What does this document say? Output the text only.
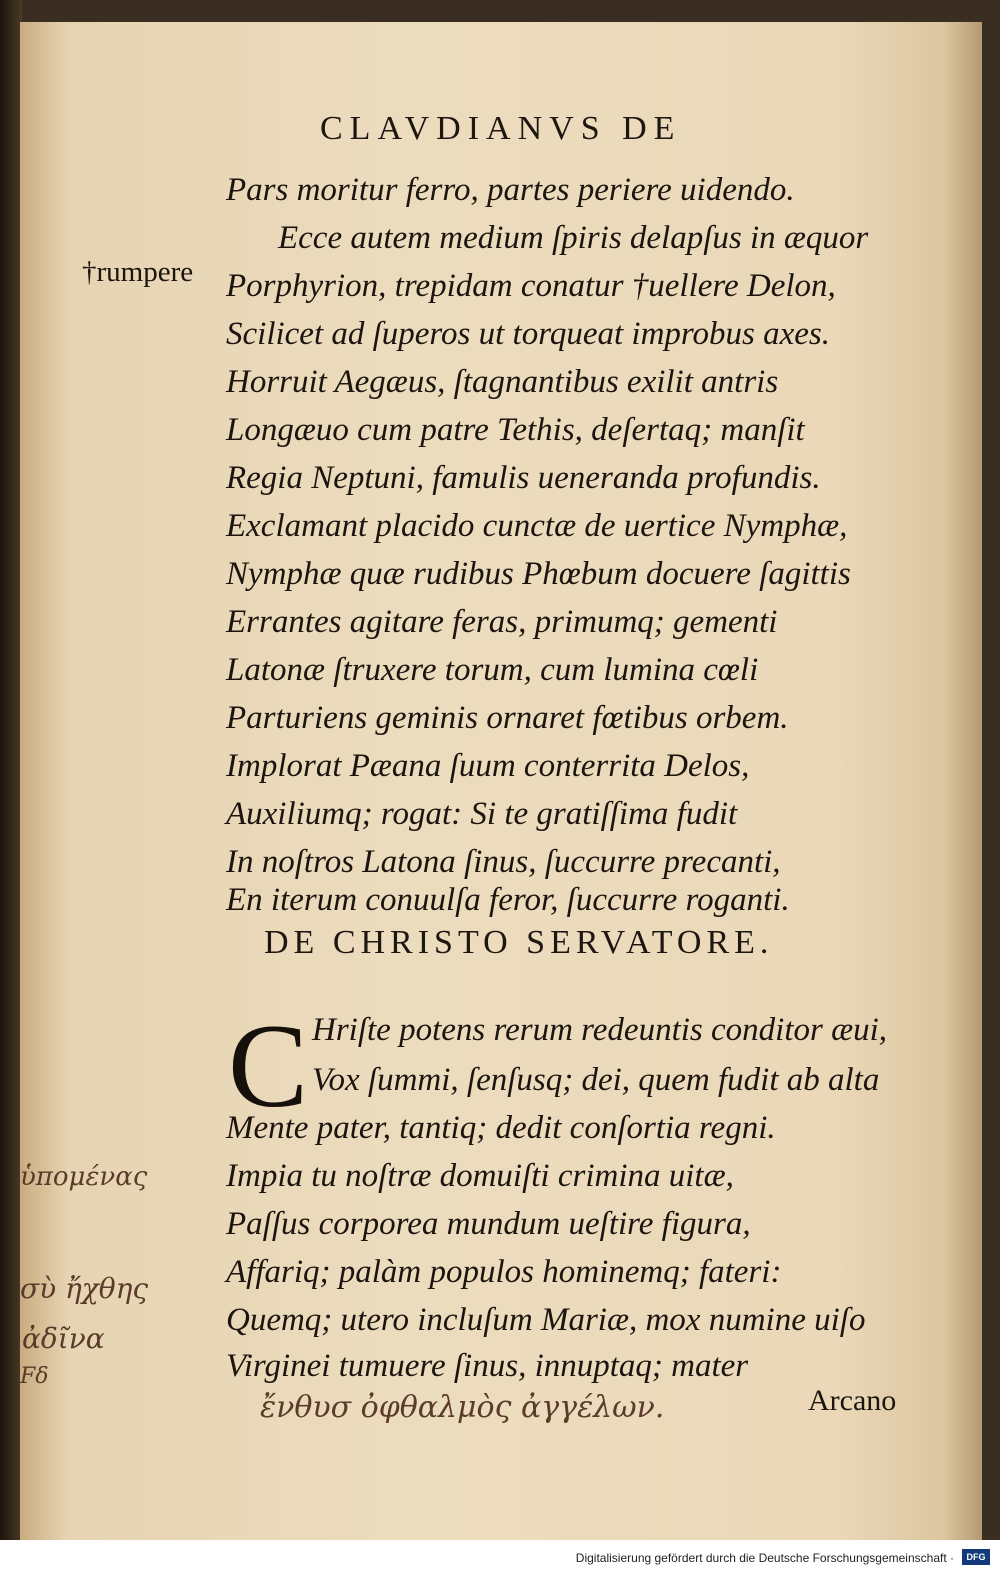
CLAVDIANVS DE
Pars moritur ferro, partes periere uidendo.
Ecce autem medium ſpiris delapſus in æquor
†rumpere Porphyrion, trepidam conatur †uellere Delon,
Scilicet ad ſuperos ut torqueat improbus axes.
Horruit Aegæus, ſtagnantibus exilit antris
Longæuo cum patre Tethis, deſertaq; manſit
Regia Neptuni, famulis ueneranda profundis.
Exclamant placido cunctæ de uertice Nymphæ,
Nymphæ quæ rudibus Phœbum docuere ſagittis
Errantes agitare feras, primumq; gementi
Latonæ ſtruxere torum, cum lumina cœli
Parturiens geminis ornaret fœtibus orbem.
Implorat Pæana ſuum conterrita Delos,
Auxiliumq; rogat: Si te gratiſſima fudit
In noſtros Latona ſinus, ſuccurre precanti,
En iterum conuulſa feror, ſuccurre roganti.
DE CHRISTO SERVATORE.
C Hriſte potens rerum redeuntis conditor æui,
Vox ſummi, ſenſusq; dei, quem fudit ab alta
Mente pater, tantiq; dedit conſortia regni.
Impia tu noſtræ domuiſti crimina uitæ,
Paſſus corporea mundum ueſtire figura,
Affariq; palàm populos hominemq; fateri:
Quemq; utero incluſum Mariæ, mox numine uiſo
Virginei tumuere ſinus, innuptaq; mater
ὑπομένας
σὺ ἤχθης
ἀδῖνα
Fδ
ἔνθυσ ὀφθαλμὸς ἀγγέλων.	Arcano
Digitalisierung gefördert durch die Deutsche Forschungsgemeinschaft ·	DFG
